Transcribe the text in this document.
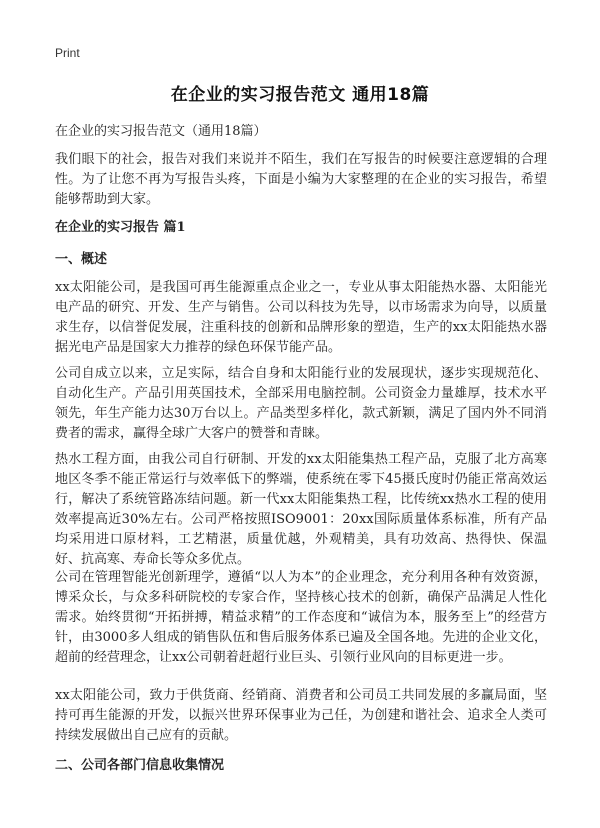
Print
在企业的实习报告范文 通用18篇

在企业的实习报告范文（通用18篇）

我们眼下的社会，报告对我们来说并不陌生，我们在写报告的时候要注意逻辑的合理性。为了让您不再为写报告头疼，下面是小编为大家整理的在企业的实习报告，希望能够帮助到大家。

在企业的实习报告 篇1
一、概述

xx太阳能公司，是我国可再生能源重点企业之一，专业从事太阳能热水器、太阳能光电产品的研究、开发、生产与销售。公司以科技为先导，以市场需求为向导，以质量求生存，以信誉促发展，注重科技的创新和品牌形象的塑造，生产的xx太阳能热水器据光电产品是国家大力推荐的绿色环保节能产品。

公司自成立以来，立足实际，结合自身和太阳能行业的发展现状，逐步实现规范化、自动化生产。产品引用英国技术，全部采用电脑控制。公司资金力量雄厚，技术水平领先，年生产能力达30万台以上。产品类型多样化，款式新颖，满足了国内外不同消费者的需求，赢得全球广大客户的赞誉和青睐。

热水工程方面，由我公司自行研制、开发的xx太阳能集热工程产品，克服了北方高寒地区冬季不能正常运行与效率低下的弊端，使系统在零下45摄氏度时仍能正常高效运行，解决了系统管路冻结问题。新一代xx太阳能集热工程，比传统xx热水工程的使用效率提高近30%左右。公司严格按照ISO9001：20xx国际质量体系标准，所有产品均采用进口原材料，工艺精湛，质量优越，外观精美，具有功效高、热得快、保温好、抗高寒、寿命长等众多优点。

公司在管理智能光创新理学，遵循“以人为本”的企业理念，充分利用各种有效资源，博采众长，与众多科研院校的专家合作，坚持核心技术的创新，确保产品满足人性化需求。始终贯彻“开拓拼搏，精益求精”的工作态度和“诚信为本，服务至上”的经营方针，由3000多人组成的销售队伍和售后服务体系已遍及全国各地。先进的企业文化，超前的经营理念，让xx公司朝着赶超行业巨头、引领行业风向的目标更进一步。

xx太阳能公司，致力于供货商、经销商、消费者和公司员工共同发展的多赢局面，坚持可再生能源的开发，以振兴世界环保事业为己任，为创建和谐社会、追求全人类可持续发展做出自己应有的贡献。

二、公司各部门信息收集情况
